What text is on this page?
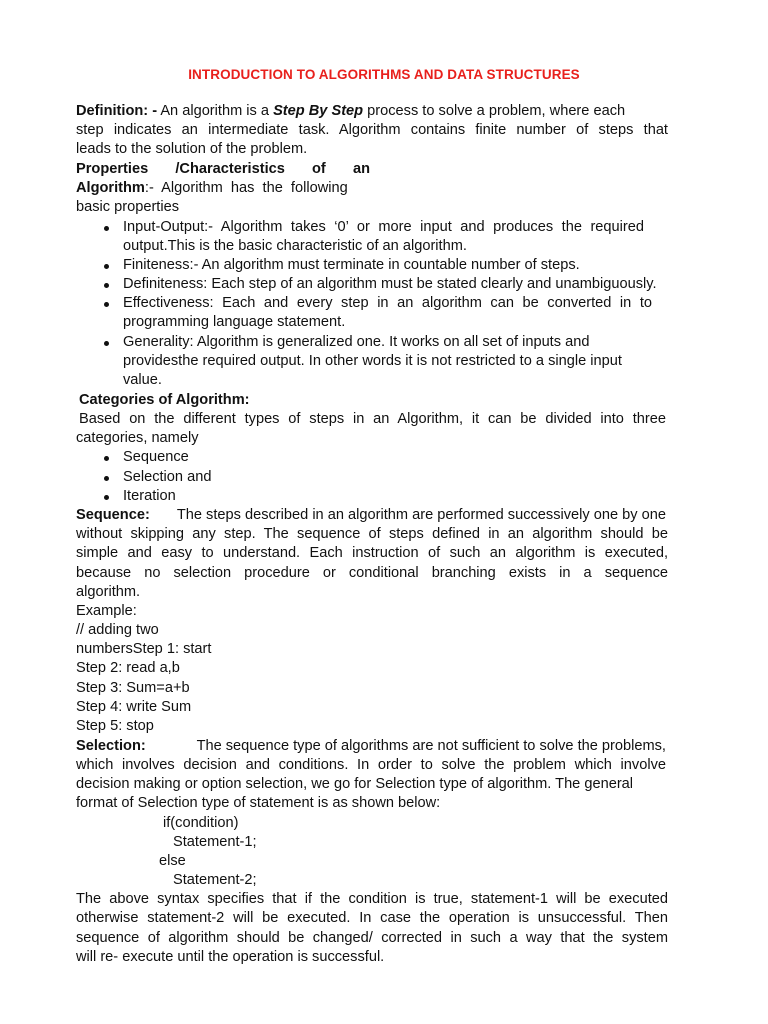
INTRODUCTION TO ALGORITHMS AND DATA STRUCTURES
Definition: - An algorithm is a Step By Step process to solve a problem, where each
step indicates an intermediate task. Algorithm contains finite number of steps that
leads to the solution of the problem.
Properties /Characteristics of an
Algorithm:-  Algorithm  has  the  following
basic properties
Input-Output:- Algorithm takes ‘0’ or more input and produces the required
output.This is the basic characteristic of an algorithm.
Finiteness:- An algorithm must terminate in countable number of steps.
Definiteness: Each step of an algorithm must be stated clearly and unambiguously.
Effectiveness: Each and every step in an algorithm can be converted in to
programming language statement.
Generality: Algorithm is generalized one. It works on all set of inputs and
providesthe required output. In other words it is not restricted to a single input
value.
Categories of Algorithm:
Based on the different types of steps in an Algorithm, it can be divided into three
categories, namely
Sequence
Selection and
Iteration
Sequence: The steps described in an algorithm are performed successively one by one
without skipping any step. The sequence of steps defined in an algorithm should be
simple and easy to understand. Each instruction of such an algorithm is executed,
because no selection procedure or conditional branching exists in a sequence
algorithm.
Example:
// adding two
numbersStep 1: start
Step 2: read a,b
Step 3: Sum=a+b
Step 4: write Sum
Step 5: stop
Selection:	The sequence type of algorithms are not sufficient to solve the problems,
which involves decision and conditions. In order to solve the problem which involve
decision making or option selection, we go for Selection type of algorithm. The general
format of Selection type of statement is as shown below:
if(condition)
Statement-1;
else
Statement-2;
The above syntax specifies that if the condition is true, statement-1 will be executed
otherwise statement-2 will be executed. In case the operation is unsuccessful. Then
sequence of algorithm should be changed/ corrected in such a way that the system
will re- execute until the operation is successful.
